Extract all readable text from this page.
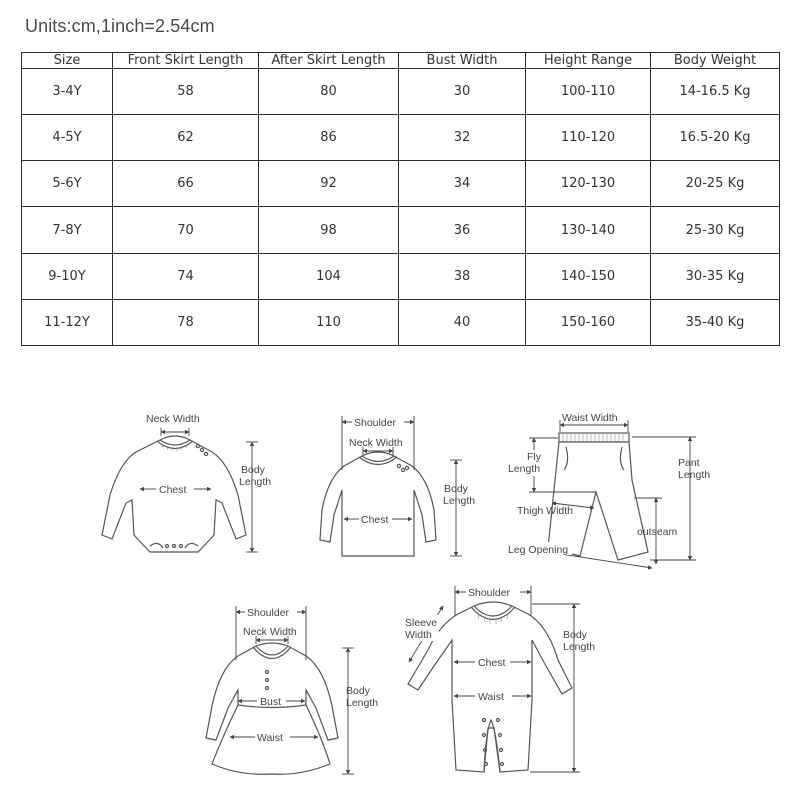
Units:cm,1inch=2.54cm
Size	Front Skirt Length	After Skirt Length	Bust Width	Height Range	Body Weight
3-4Y	58	80	30	100-110	14-16.5 Kg
4-5Y	62	86	32	110-120	16.5-20 Kg
5-6Y	66	92	34	120-130	20-25 Kg
7-8Y	70	98	36	130-140	25-30 Kg
9-10Y	74	104	38	140-150	30-35 Kg
11-12Y	78	110	40	150-160	35-40 Kg
Neck Width
Chest
Body
Length
Shoulder
Neck Width
Chest
Body
Length
Waist Width
Fly
Length	Pant
Length
Thigh Width
outseam
Leg Opening
Shoulder
Neck Width
Bust
Waist
Body
Length
Shoulder
Sleeve
Width
Chest
Waist
Body
Length
